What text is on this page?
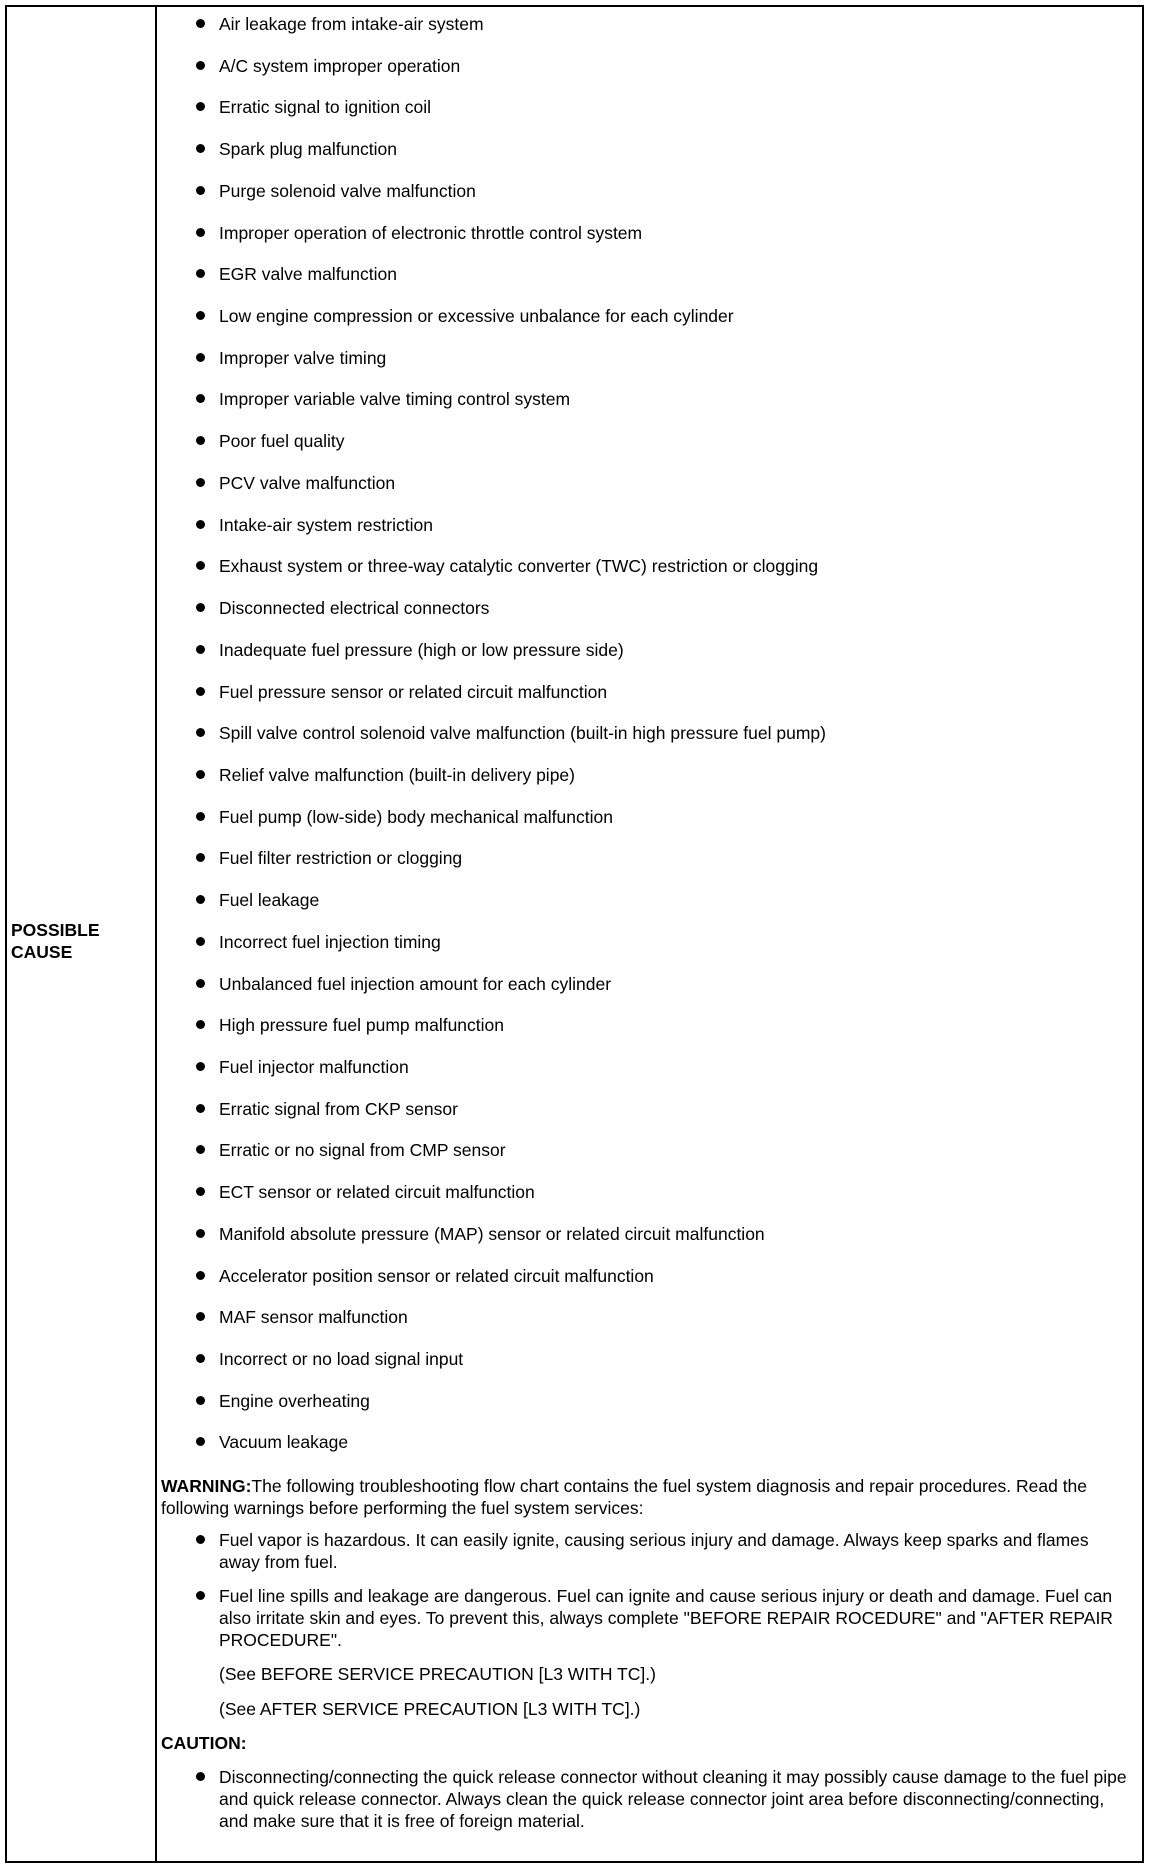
POSSIBLE CAUSE
Air leakage from intake-air system
A/C system improper operation
Erratic signal to ignition coil
Spark plug malfunction
Purge solenoid valve malfunction
Improper operation of electronic throttle control system
EGR valve malfunction
Low engine compression or excessive unbalance for each cylinder
Improper valve timing
Improper variable valve timing control system
Poor fuel quality
PCV valve malfunction
Intake-air system restriction
Exhaust system or three-way catalytic converter (TWC) restriction or clogging
Disconnected electrical connectors
Inadequate fuel pressure (high or low pressure side)
Fuel pressure sensor or related circuit malfunction
Spill valve control solenoid valve malfunction (built-in high pressure fuel pump)
Relief valve malfunction (built-in delivery pipe)
Fuel pump (low-side) body mechanical malfunction
Fuel filter restriction or clogging
Fuel leakage
Incorrect fuel injection timing
Unbalanced fuel injection amount for each cylinder
High pressure fuel pump malfunction
Fuel injector malfunction
Erratic signal from CKP sensor
Erratic or no signal from CMP sensor
ECT sensor or related circuit malfunction
Manifold absolute pressure (MAP) sensor or related circuit malfunction
Accelerator position sensor or related circuit malfunction
MAF sensor malfunction
Incorrect or no load signal input
Engine overheating
Vacuum leakage
WARNING:The following troubleshooting flow chart contains the fuel system diagnosis and repair procedures. Read the following warnings before performing the fuel system services:
Fuel vapor is hazardous. It can easily ignite, causing serious injury and damage. Always keep sparks and flames away from fuel.
Fuel line spills and leakage are dangerous. Fuel can ignite and cause serious injury or death and damage. Fuel can also irritate skin and eyes. To prevent this, always complete "BEFORE REPAIR ROCEDURE" and "AFTER REPAIR PROCEDURE".
(See BEFORE SERVICE PRECAUTION [L3 WITH TC].)
(See AFTER SERVICE PRECAUTION [L3 WITH TC].)
CAUTION:
Disconnecting/connecting the quick release connector without cleaning it may possibly cause damage to the fuel pipe and quick release connector. Always clean the quick release connector joint area before disconnecting/connecting, and make sure that it is free of foreign material.
